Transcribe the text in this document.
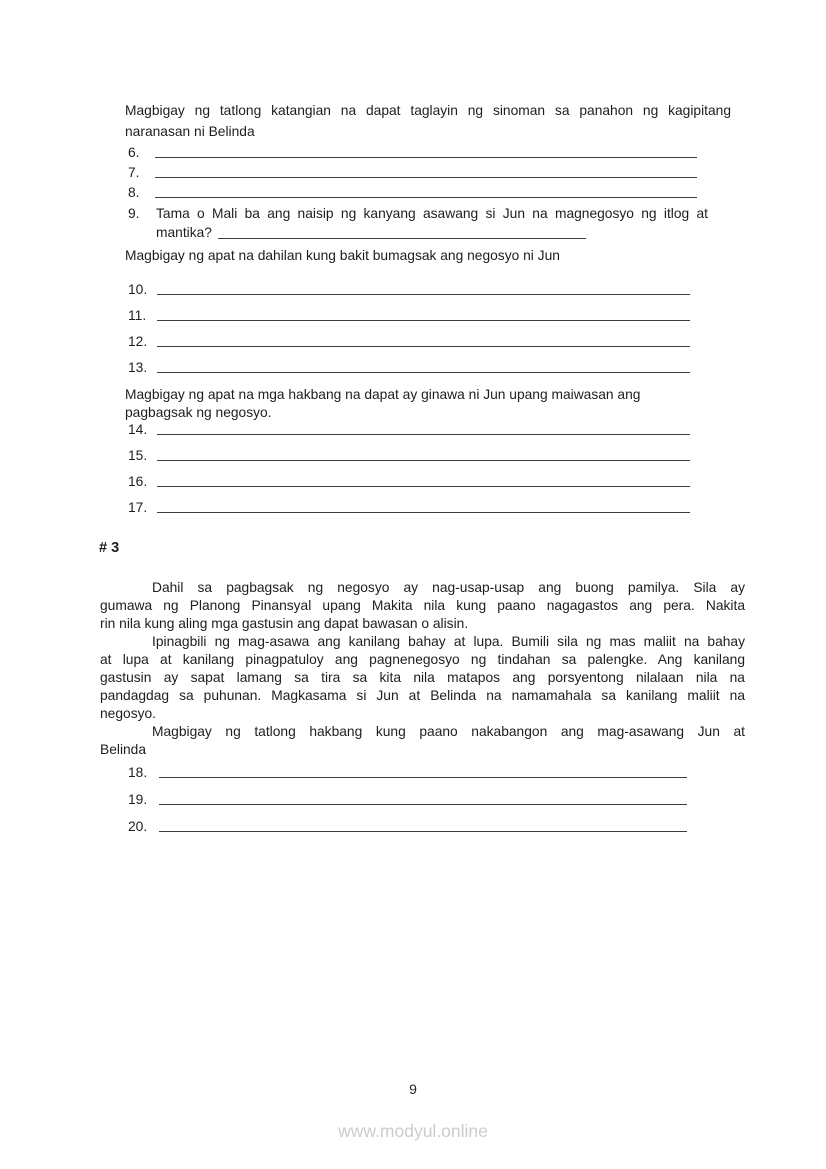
Magbigay ng tatlong katangian na dapat taglayin ng sinoman sa panahon ng kagipitang
naranasan ni Belinda
6.
7.
8.
9.	Tama o Mali ba ang naisip ng kanyang asawang si Jun na magnegosyo ng itlog at
mantika?
Magbigay ng apat na dahilan kung bakit bumagsak ang negosyo ni Jun
10.
11.
12.
13.
Magbigay ng apat na mga hakbang na dapat ay ginawa ni Jun upang maiwasan ang
pagbagsak ng negosyo.
14.
15.
16.
17.
# 3
Dahil sa pagbagsak ng negosyo ay nag-usap-usap ang buong pamilya. Sila ay
gumawa ng Planong Pinansyal upang Makita nila kung paano nagagastos ang pera. Nakita
rin nila kung aling mga gastusin ang dapat bawasan o alisin.
Ipinagbili ng mag-asawa ang kanilang bahay at lupa. Bumili sila ng mas maliit na bahay
at lupa at kanilang pinagpatuloy ang pagnenegosyo ng tindahan sa palengke. Ang kanilang
gastusin ay sapat lamang sa tira sa kita nila matapos ang porsyentong nilalaan nila na
pandagdag sa puhunan. Magkasama si Jun at Belinda na namamahala sa kanilang maliit na
negosyo.
Magbigay ng tatlong hakbang kung paano nakabangon ang mag-asawang Jun at
Belinda
18.
19.
20.
9
www.modyul.online
